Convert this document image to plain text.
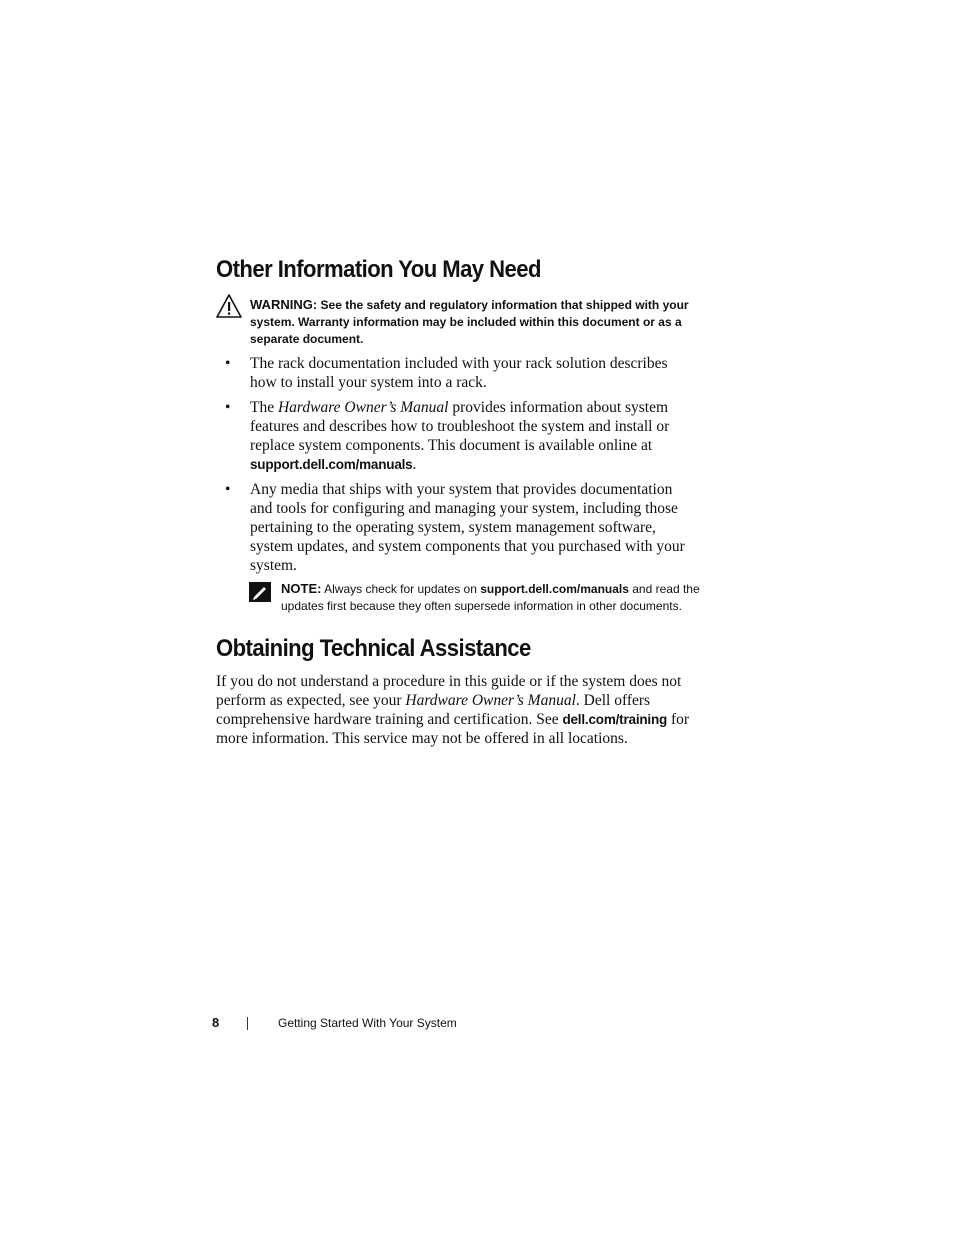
Other Information You May Need
WARNING: See the safety and regulatory information that shipped with your system. Warranty information may be included within this document or as a separate document.
• The rack documentation included with your rack solution describes how to install your system into a rack.
• The Hardware Owner’s Manual provides information about system features and describes how to troubleshoot the system and install or replace system components. This document is available online at support.dell.com/manuals.
• Any media that ships with your system that provides documentation and tools for configuring and managing your system, including those pertaining to the operating system, system management software, system updates, and system components that you purchased with your system.
NOTE: Always check for updates on support.dell.com/manuals and read the updates first because they often supersede information in other documents.
Obtaining Technical Assistance

If you do not understand a procedure in this guide or if the system does not perform as expected, see your Hardware Owner’s Manual. Dell offers comprehensive hardware training and certification. See dell.com/training for more information. This service may not be offered in all locations.

8	Getting Started With Your System
